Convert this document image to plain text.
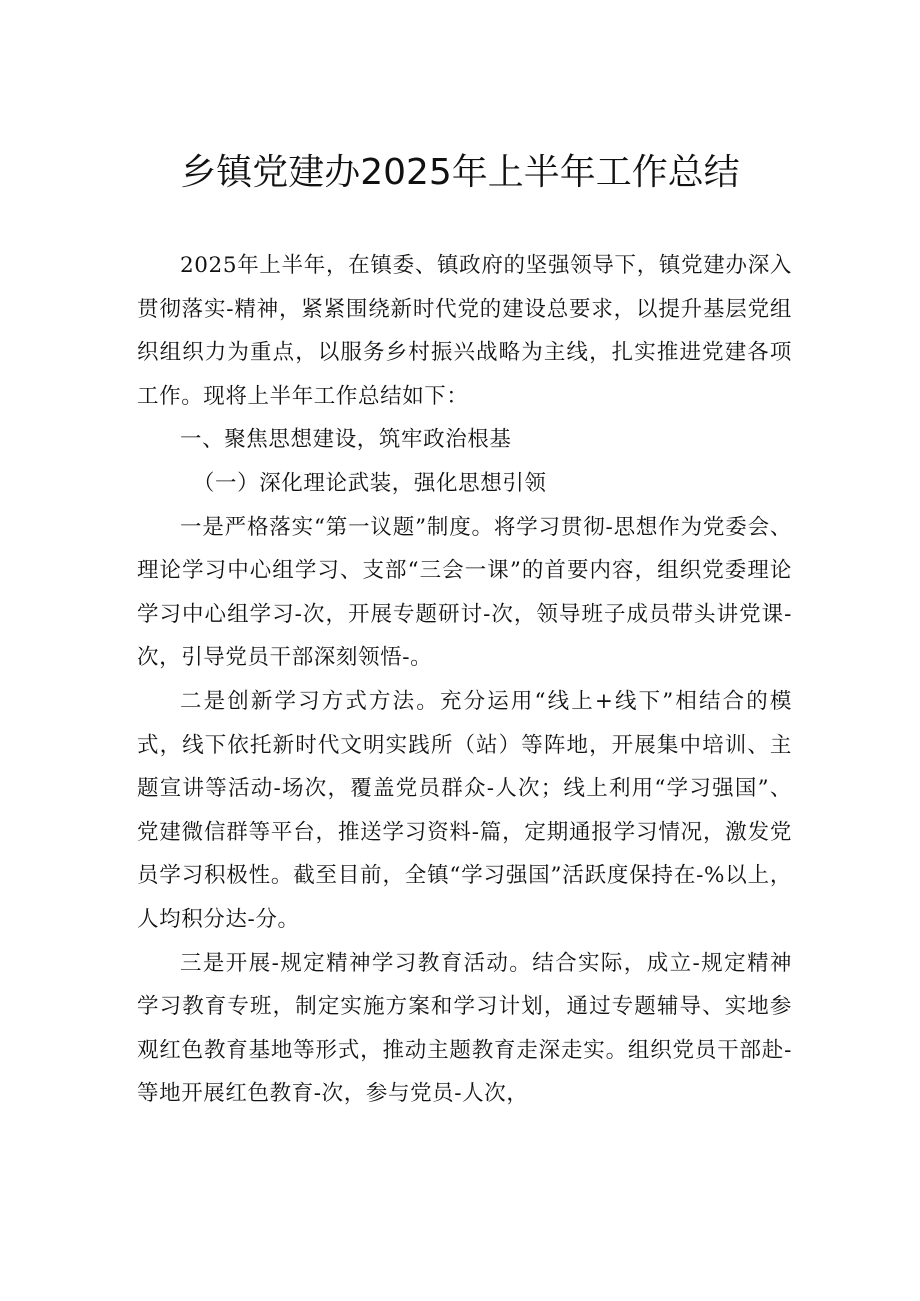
乡镇党建办2025年上半年工作总结

2025年上半年，在镇委、镇政府的坚强领导下，镇党建办深入贯彻落实-精神，紧紧围绕新时代党的建设总要求，以提升基层党组织组织力为重点，以服务乡村振兴战略为主线，扎实推进党建各项工作。现将上半年工作总结如下：

一、聚焦思想建设，筑牢政治根基

（一）深化理论武装，强化思想引领

一是严格落实“第一议题”制度。将学习贯彻-思想作为党委会、理论学习中心组学习、支部“三会一课”的首要内容，组织党委理论学习中心组学习-次，开展专题研讨-次，领导班子成员带头讲党课-次，引导党员干部深刻领悟-。

二是创新学习方式方法。充分运用“线上+线下”相结合的模式，线下依托新时代文明实践所（站）等阵地，开展集中培训、主题宣讲等活动-场次，覆盖党员群众-人次；线上利用“学习强国”、党建微信群等平台，推送学习资料-篇，定期通报学习情况，激发党员学习积极性。截至目前，全镇“学习强国”活跃度保持在-%以上，人均积分达-分。

三是开展-规定精神学习教育活动。结合实际，成立-规定精神学习教育专班，制定实施方案和学习计划，通过专题辅导、实地参观红色教育基地等形式，推动主题教育走深走实。组织党员干部赴-等地开展红色教育-次，参与党员-人次，
